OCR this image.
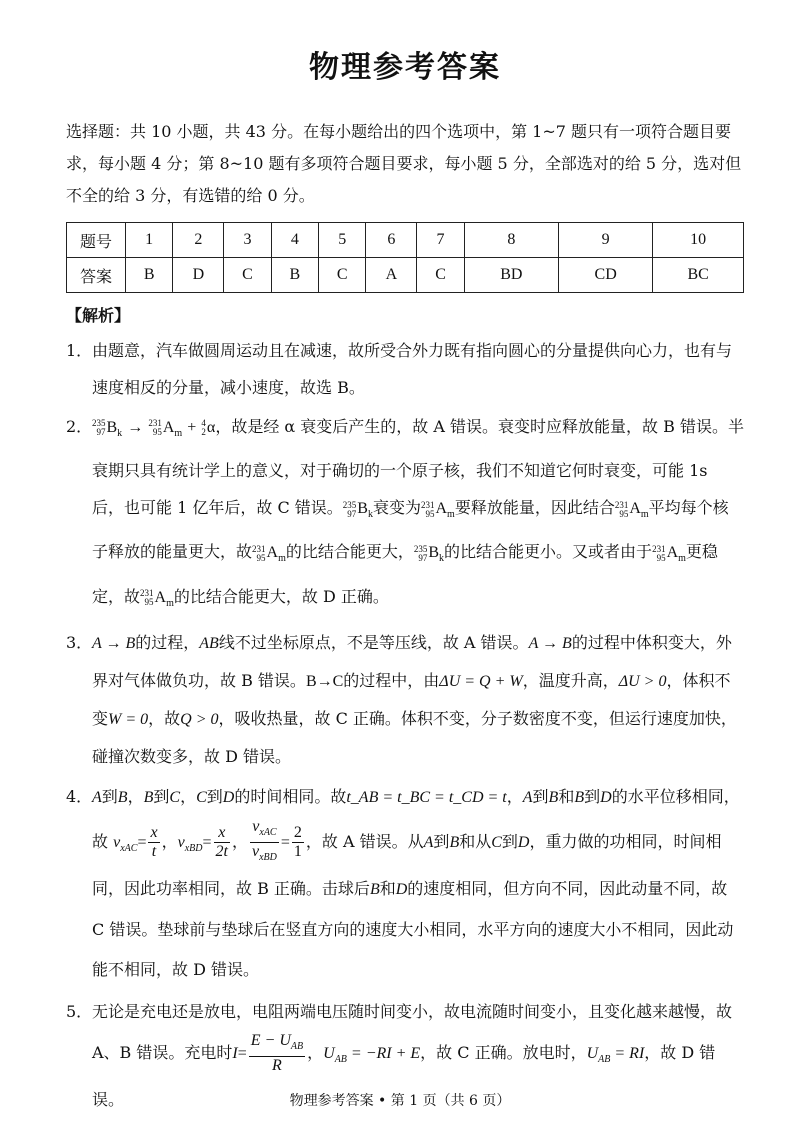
物理参考答案

选择题：共 10 小题，共 43 分。在每小题给出的四个选项中，第 1~7 题只有一项符合题目要求，每小题 4 分；第 8~10 题有多项符合题目要求，每小题 5 分，全部选对的给 5 分，选对但不全的给 3 分，有选错的给 0 分。

题号	1	2	3	4	5	6	7	8	9	10
答案	B	D	C	B	C	A	C	BD	CD	BC
【解析】
1． 由题意，汽车做圆周运动且在减速，故所受合外力既有指向圆心的分量提供向心力，也有与速度相反的分量，减小速度，故选 B。
2． 235
97 $B_k \to 231$
95 $A_m + 4$
2 α，故是经 α 衰变后产生的，故 A 错误。衰变时应释放能量，故 B 错误。半衰期只具有统计学上的意义，对于确切的一个原子核，我们不知道它何时衰变，可能 1s 后，也可能 1 亿年后，故 C 错误。 235
97 $B_k$衰变为 231
95 $A_m$要释放能量，因此结合 231
95 $A_m$平均每个核子释放的能量更大，故 231
95 $A_m$的比结合能更大， 235
97 $B_k$的比结合能更小。又或者由于 231
95 $A_m$更稳定，故 231
95 $A_m$的比结合能更大，故 D 正确。
3． A → B的过程，AB线不过坐标原点，不是等压线，故 A 错误。A → B的过程中体积变大，外界对气体做负功，故 B 错误。B→C的过程中，由ΔU = Q + W，温度升高，ΔU > 0，体积不变W = 0，故Q > 0，吸收热量，故 C 正确。体积不变，分子数密度不变，但运行速度加快，碰撞次数变多，故 D 错误。
4． A到B，B到C，C到D的时间相同。故t_AB = t_BC = t_CD = t，A到B和B到D的水平位移相同，故 $v_{xAC}= \frac{x}{t}$ ，$v_{xBD}= \frac{x}{2t}$ ， $\frac{v_{xAC}}{v_{xBD}} = \frac{2}{1}$ ，故 A 错误。从A到B和从C到D，重力做的功相同，时间相同，因此功率相同，故 B 正确。击球后B和D的速度相同，但方向不同，因此动量不同，故 C 错误。垫球前与垫球后在竖直方向的速度大小相同，水平方向的速度大小不相同，因此动能不相同，故 D 错误。
5． 无论是充电还是放电，电阻两端电压随时间变小，故电流随时间变小，且变化越来越慢，故 A、B 错误。充电时$I= \frac{E - U_{AB}}{R}$ ，$U_{AB} = -RI + E$，故 C 正确。放电时，$U_{AB}$ = RI，故 D 错误。	物理参考答案 • 第 1 页（共 6 页）
